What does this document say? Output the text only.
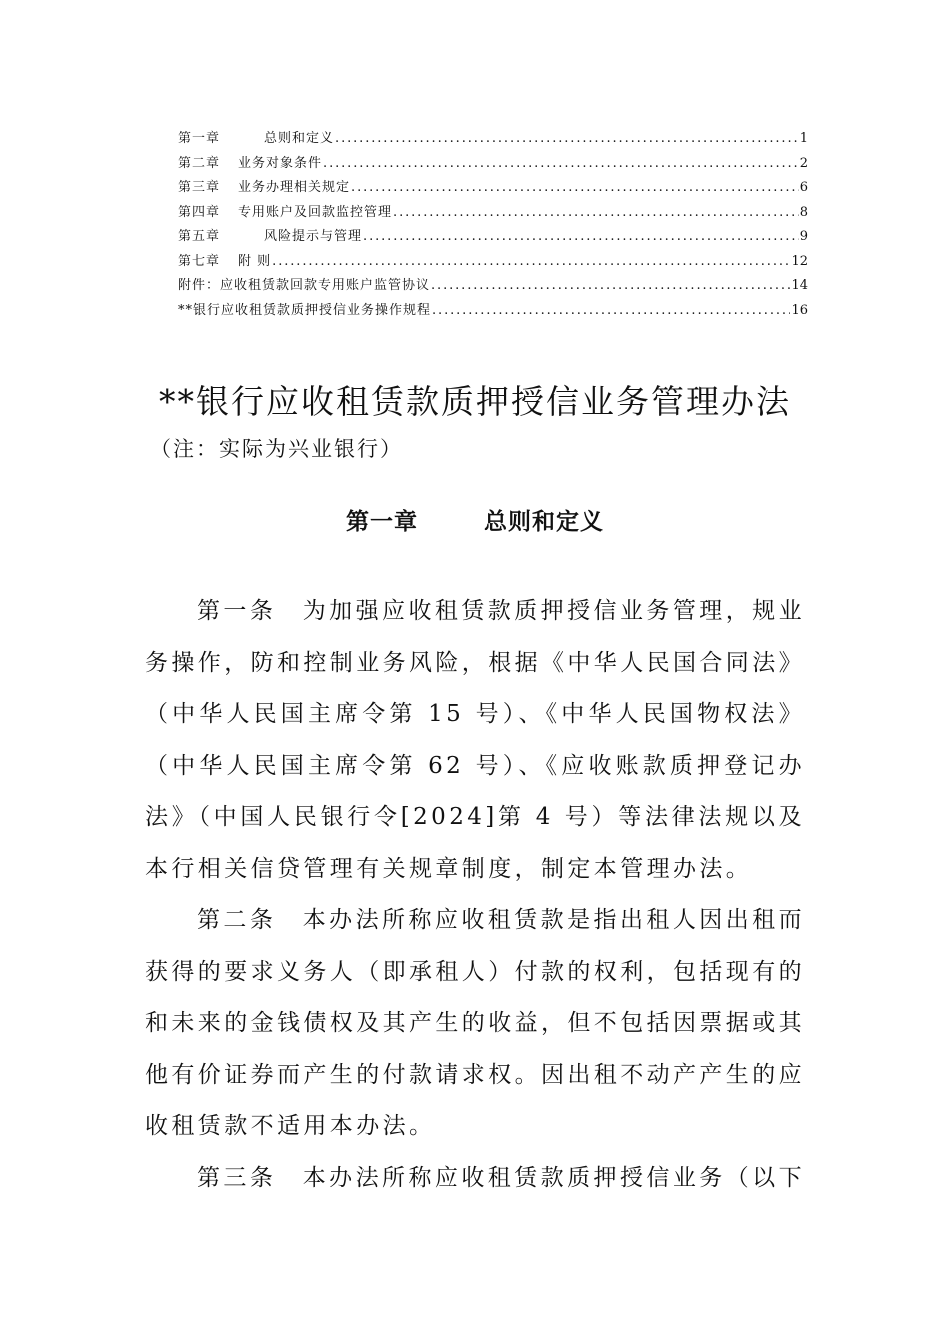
第一章	总则和定义 .....	1
第二章 业务对象条件 .....	2
第三章 业务办理相关规定 .....	6
第四章 专用账户及回款监控管理 .....	8
第五章	风险提示与管理 .....	9
第七章 附 则 .....	12
附件：应收租赁款回款专用账户监管协议 .....	14
**银行应收租赁款质押授信业务操作规程 .....	16
**银行应收租赁款质押授信业务管理办法
（注：实际为兴业银行）
第一章	总则和定义

第一条　 为加强应收租赁款质押授信业务管理，规业务操作，防和控制业务风险，根据《中华人民国合同法》（中华人民国主席令第 15 号）、《中华人民国物权法》（中华人民国主席令第 62 号）、《应收账款质押登记办法》（中国人民银行令[2024]第 4 号）等法律法规以及本行相关信贷管理有关规章制度，制定本管理办法。

第二条　 本办法所称应收租赁款是指出租人因出租而获得的要求义务人（即承租人）付款的权利，包括现有的和未来的金钱债权及其产生的收益，但不包括因票据或其他有价证券而产生的付款请求权。因出租不动产产生的应收租赁款不适用本办法。

第三条　 本办法所称应收租赁款质押授信业务（以下
